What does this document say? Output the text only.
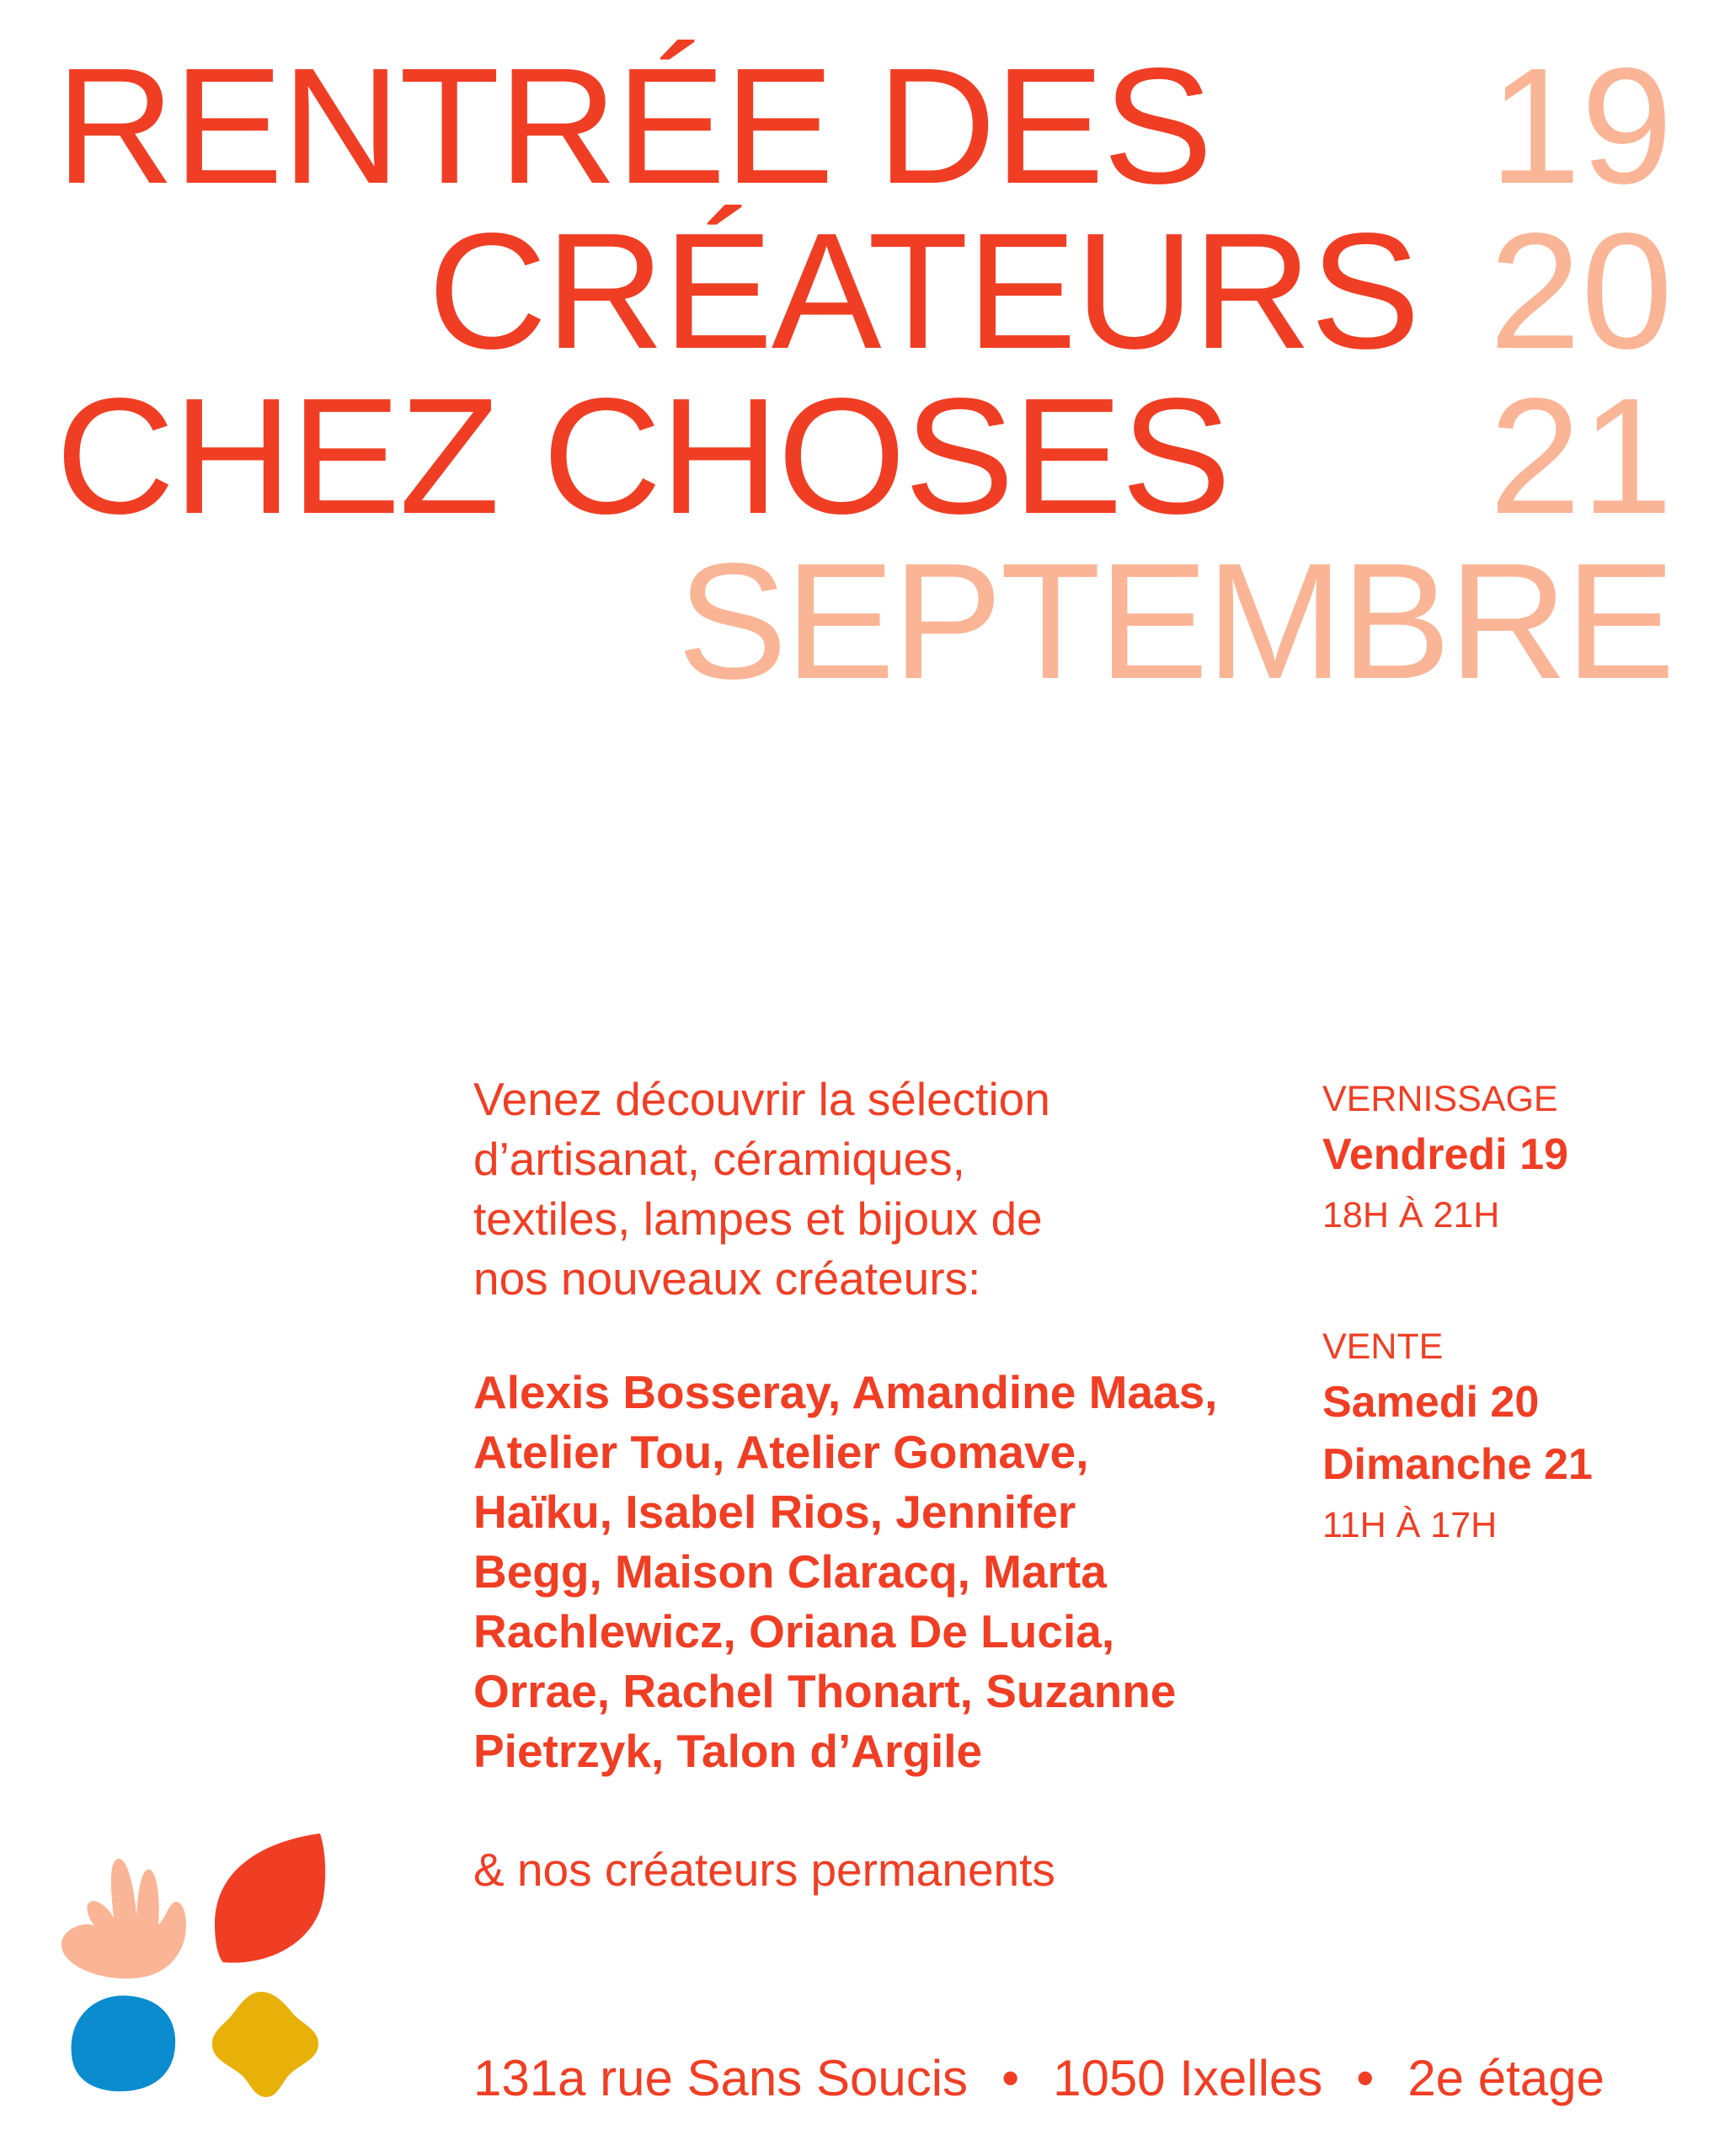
RENTRÉE DES
CRÉATEURS
CHEZ CHOSES
19
20
21
SEPTEMBRE
Venez découvrir la sélection
d’artisanat, céramiques,
textiles, lampes et bijoux de
nos nouveaux créateurs:
Alexis Bosseray, Amandine Maas,
Atelier Tou, Atelier Gomave,
Haïku, Isabel Rios, Jennifer
Begg, Maison Claracq, Marta
Rachlewicz, Oriana De Lucia,
Orrae, Rachel Thonart, Suzanne
Pietrzyk, Talon d’Argile
& nos créateurs permanents
VERNISSAGE
Vendredi 19
18H À 21H
VENTE
Samedi 20
Dimanche 21
11H À 17H
131a rue Sans Soucis • 1050 Ixelles • 2e étage
